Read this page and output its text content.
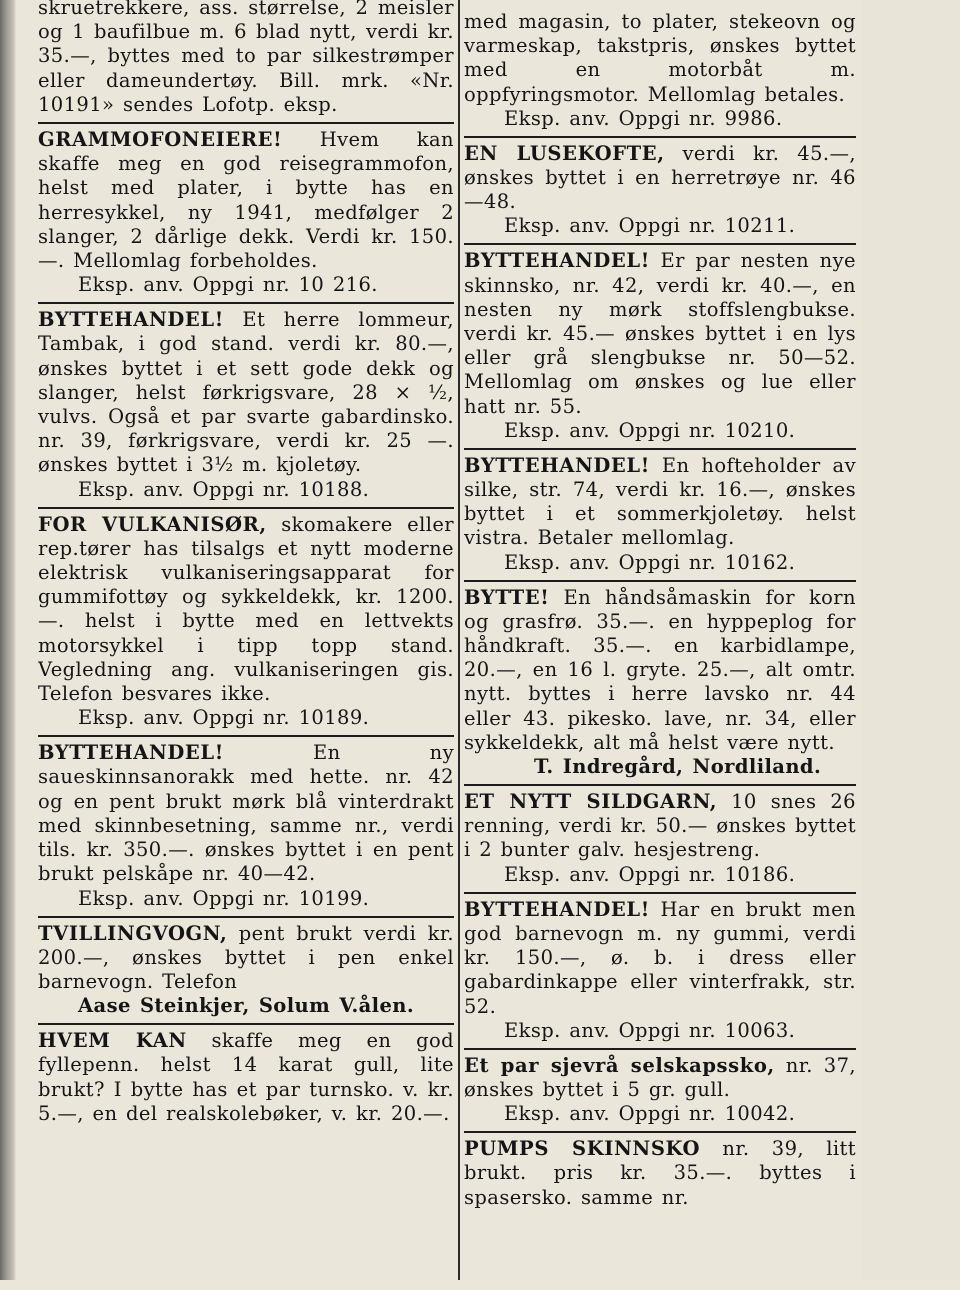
skruetrekkere, ass. størrelse, 2 meisler og 1 baufilbue m. 6 blad nytt, verdi kr. 35.—, byttes med to par silkestrømper eller dameundertøy. Bill. mrk. «Nr. 10191» sendes Lofotp. eksp.

GRAMMOFONEIERE! Hvem kan skaffe meg en god reisegrammofon, helst med plater, i bytte has en herresykkel, ny 1941, medfølger 2 slanger, 2 dårlige dekk. Verdi kr. 150.—. Mellomlag forbeholdes.

Eksp. anv. Oppgi nr. 10 216.

BYTTEHANDEL! Et herre lommeur, Tambak, i god stand. verdi kr. 80.—, ønskes byttet i et sett gode dekk og slanger, helst førkrigsvare, 28 × ½, vulvs. Også et par svarte gabardinsko. nr. 39, førkrigsvare, verdi kr. 25 —. ønskes byttet i 3½ m. kjoletøy.

Eksp. anv. Oppgi nr. 10188.

FOR VULKANISØR, skomakere eller rep.tører has tilsalgs et nytt moderne elektrisk vulkaniseringsapparat for gummifottøy og sykkeldekk, kr. 1200.—. helst i bytte med en lettvekts motorsykkel i tipp topp stand. Vegledning ang. vulkaniseringen gis. Telefon besvares ikke.

Eksp. anv. Oppgi nr. 10189.

BYTTEHANDEL! En ny saueskinnsanorakk med hette. nr. 42 og en pent brukt mørk blå vinterdrakt med skinnbesetning, samme nr., verdi tils. kr. 350.—. ønskes byttet i en pent brukt pelskåpe nr. 40—42.

Eksp. anv. Oppgi nr. 10199.

TVILLINGVOGN, pent brukt verdi kr. 200.—, ønskes byttet i pen enkel barnevogn. Telefon

Aase Steinkjer, Solum V.ålen.

HVEM KAN skaffe meg en god fyllepenn. helst 14 karat gull, lite brukt? I bytte has et par turnsko. v. kr. 5.—, en del realskolebøker, v. kr. 20.—.

med magasin, to plater, stekeovn og varmeskap, takstpris, ønskes byttet med en motorbåt m. oppfyringsmotor. Mellomlag betales.

Eksp. anv. Oppgi nr. 9986.

EN LUSEKOFTE, verdi kr. 45.—, ønskes byttet i en herretrøye nr. 46—48.

Eksp. anv. Oppgi nr. 10211.

BYTTEHANDEL! Er par nesten nye skinnsko, nr. 42, verdi kr. 40.—, en nesten ny mørk stoffslengbukse. verdi kr. 45.— ønskes byttet i en lys eller grå slengbukse nr. 50—52. Mellomlag om ønskes og lue eller hatt nr. 55.

Eksp. anv. Oppgi nr. 10210.

BYTTEHANDEL! En hofteholder av silke, str. 74, verdi kr. 16.—, ønskes byttet i et sommerkjoletøy. helst vistra. Betaler mellomlag.

Eksp. anv. Oppgi nr. 10162.

BYTTE! En håndsåmaskin for korn og grasfrø. 35.—. en hyppeplog for håndkraft. 35.—. en karbidlampe, 20.—, en 16 l. gryte. 25.—, alt omtr. nytt. byttes i herre lavsko nr. 44 eller 43. pikesko. lave, nr. 34, eller sykkeldekk, alt må helst være nytt.

T. Indregård, Nordliland.

ET NYTT SILDGARN, 10 snes 26 renning, verdi kr. 50.— ønskes byttet i 2 bunter galv. hesjestreng.

Eksp. anv. Oppgi nr. 10186.

BYTTEHANDEL! Har en brukt men god barnevogn m. ny gummi, verdi kr. 150.—, ø. b. i dress eller gabardinkappe eller vinterfrakk, str. 52.

Eksp. anv. Oppgi nr. 10063.

Et par sjevrå selskapssko, nr. 37, ønskes byttet i 5 gr. gull.

Eksp. anv. Oppgi nr. 10042.

PUMPS SKINNSKO nr. 39, litt brukt. pris kr. 35.—. byttes i spasersko. samme nr.
